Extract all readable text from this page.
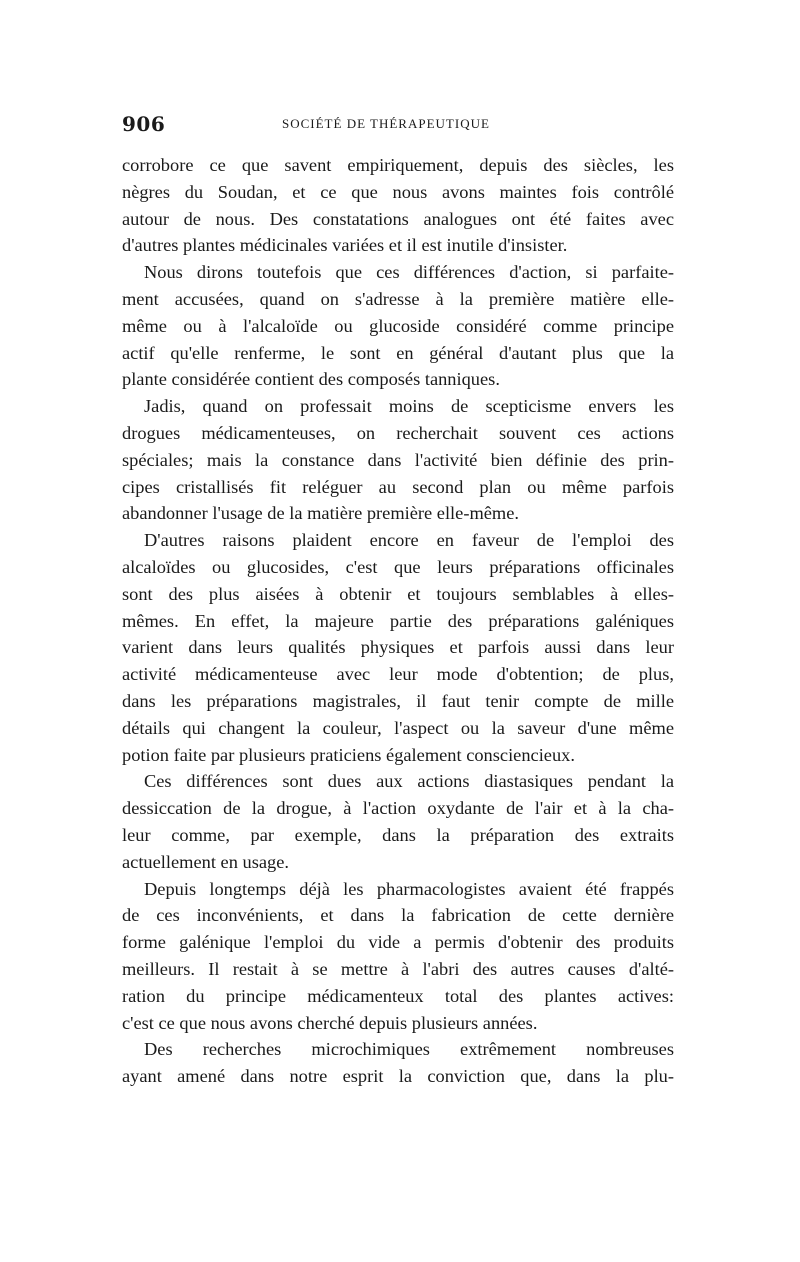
906	SOCIÉTÉ DE THÉRAPEUTIQUE
corrobore ce que savent empiriquement, depuis des siècles, les
nègres du Soudan, et ce que nous avons maintes fois contrôlé
autour de nous. Des constatations analogues ont été faites avec
d'autres plantes médicinales variées et il est inutile d'insister.
Nous dirons toutefois que ces différences d'action, si parfaite-
ment accusées, quand on s'adresse à la première matière elle-
même ou à l'alcaloïde ou glucoside considéré comme principe
actif qu'elle renferme, le sont en général d'autant plus que la
plante considérée contient des composés tanniques.
Jadis, quand on professait moins de scepticisme envers les
drogues médicamenteuses, on recherchait souvent ces actions
spéciales; mais la constance dans l'activité bien définie des prin-
cipes cristallisés fit reléguer au second plan ou même parfois
abandonner l'usage de la matière première elle-même.
D'autres raisons plaident encore en faveur de l'emploi des
alcaloïdes ou glucosides, c'est que leurs préparations officinales
sont des plus aisées à obtenir et toujours semblables à elles-
mêmes. En effet, la majeure partie des préparations galéniques
varient dans leurs qualités physiques et parfois aussi dans leur
activité médicamenteuse avec leur mode d'obtention; de plus,
dans les préparations magistrales, il faut tenir compte de mille
détails qui changent la couleur, l'aspect ou la saveur d'une même
potion faite par plusieurs praticiens également consciencieux.
Ces différences sont dues aux actions diastasiques pendant la
dessiccation de la drogue, à l'action oxydante de l'air et à la cha-
leur comme, par exemple, dans la préparation des extraits
actuellement en usage.
Depuis longtemps déjà les pharmacologistes avaient été frappés
de ces inconvénients, et dans la fabrication de cette dernière
forme galénique l'emploi du vide a permis d'obtenir des produits
meilleurs. Il restait à se mettre à l'abri des autres causes d'alté-
ration du principe médicamenteux total des plantes actives:
c'est ce que nous avons cherché depuis plusieurs années.
Des recherches microchimiques extrêmement nombreuses
ayant amené dans notre esprit la conviction que, dans la plu-
